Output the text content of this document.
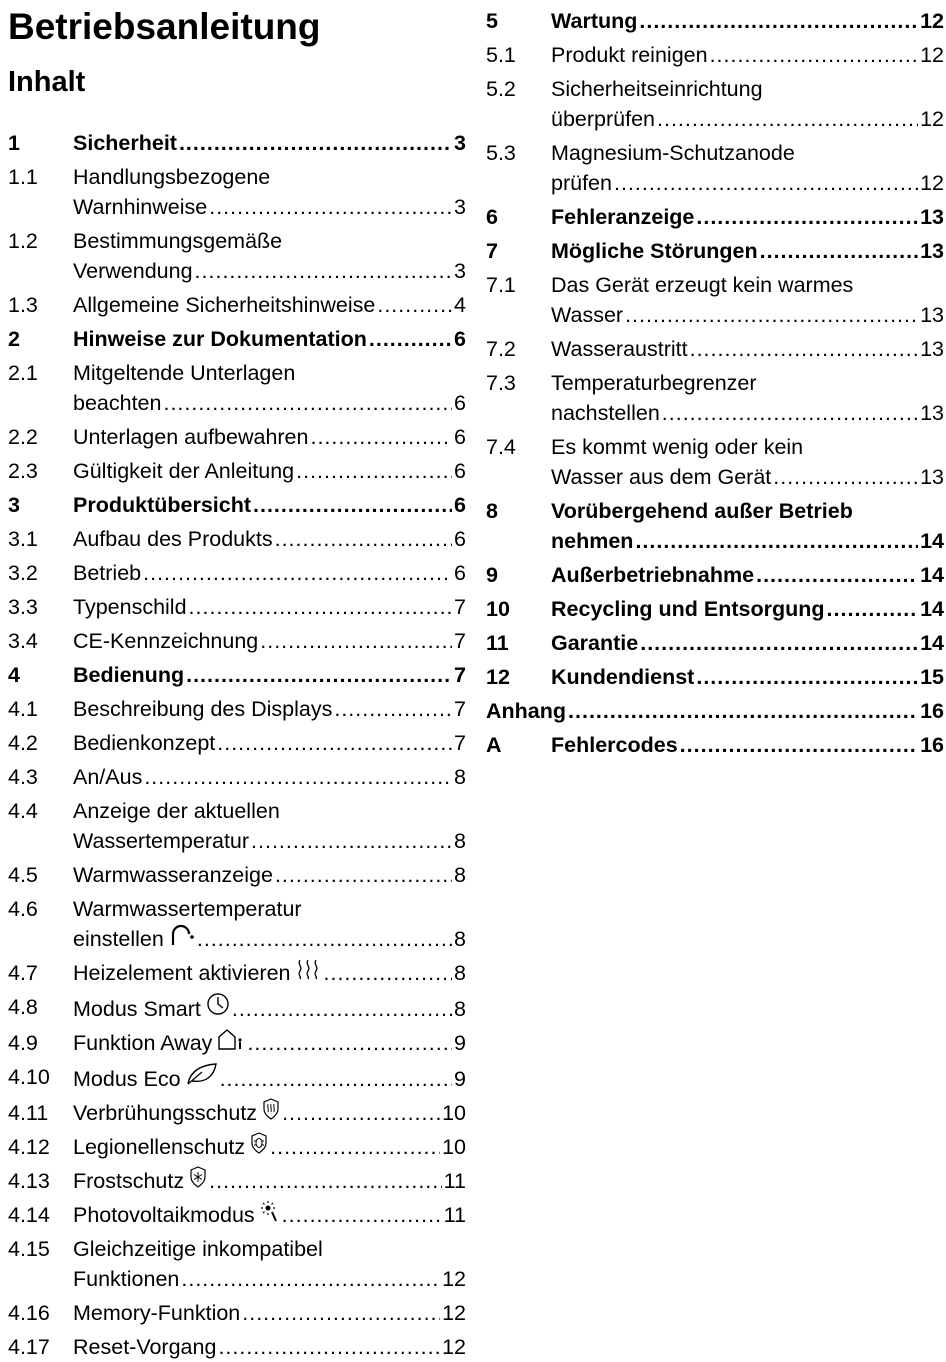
Betriebsanleitung
Inhalt
1 Sicherheit .....	3
1.1 Handlungsbezogene
Warnhinweise .....	3
1.2 Bestimmungsgemäße
Verwendung .....	3
1.3 Allgemeine Sicherheitshinweise .....	4
2 Hinweise zur Dokumentation .....	6
2.1 Mitgeltende Unterlagen
beachten .....	6
2.2 Unterlagen aufbewahren .....	6
2.3 Gültigkeit der Anleitung .....	6
3 Produktübersicht .....	6
3.1 Aufbau des Produkts .....	6
3.2 Betrieb .....	6
3.3 Typenschild .....	7
3.4 CE-Kennzeichnung .....	7
4 Bedienung .....	7
4.1 Beschreibung des Displays .....	7
4.2 Bedienkonzept .....	7
4.3 An/Aus .....	8
4.4 Anzeige der aktuellen
Wassertemperatur .....	8
4.5 Warmwasseranzeige .....	8
4.6 Warmwassertemperatur
einstellen .....	8
4.7 Heizelement aktivieren .....	8
4.8 Modus Smart .....	8
4.9 Funktion Away .....	9
4.10 Modus Eco .....	9
4.11 Verbrühungsschutz .....	10
4.12 Legionellenschutz .....	10
4.13 Frostschutz .....	11
4.14 Photovoltaikmodus .....	11
4.15 Gleichzeitige inkompatibel
Funktionen .....	12
4.16 Memory-Funktion .....	12
4.17 Reset-Vorgang .....	12
5 Wartung .....	12
5.1 Produkt reinigen .....	12
5.2 Sicherheitseinrichtung
überprüfen .....	12
5.3 Magnesium-Schutzanode
prüfen .....	12
6 Fehleranzeige .....	13
7 Mögliche Störungen .....	13
7.1 Das Gerät erzeugt kein warmes
Wasser .....	13
7.2 Wasseraustritt .....	13
7.3 Temperaturbegrenzer
nachstellen .....	13
7.4 Es kommt wenig oder kein
Wasser aus dem Gerät .....	13
8 Vorübergehend außer Betrieb
nehmen .....	14
9 Außerbetriebnahme .....	14
10 Recycling und Entsorgung .....	14
11 Garantie .....	14
12 Kundendienst .....	15
Anhang .....	16
A Fehlercodes .....	16
